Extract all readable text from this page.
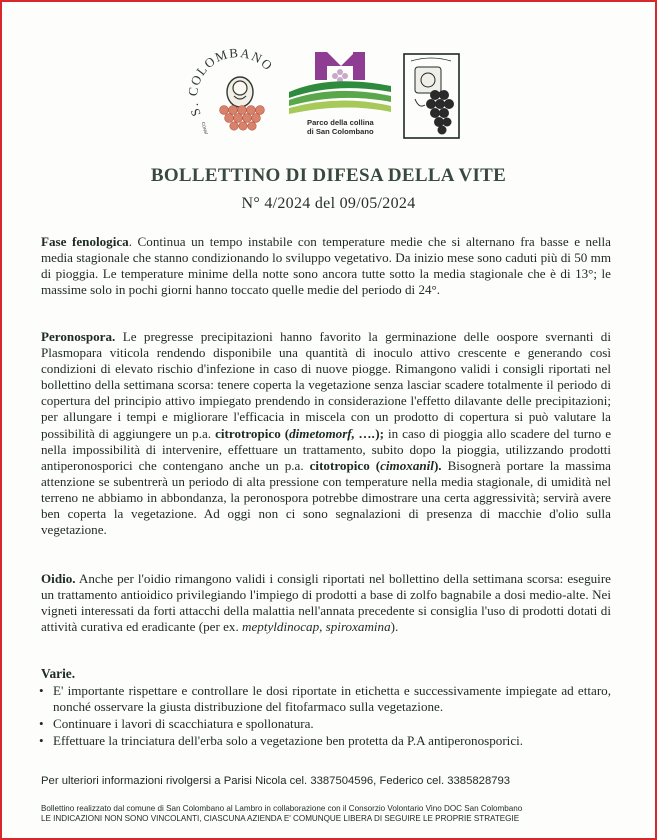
S OLOMBANO
CONS
Parco della collina
di San Colombano
BOLLETTINO DI DIFESA DELLA VITE
N° 4/2024 del 09/05/2024
Fase fenologica. Continua un tempo instabile con temperature medie che si alternano fra basse e nella media stagionale che stanno condizionando lo sviluppo vegetativo. Da inizio mese sono caduti più di 50 mm di pioggia. Le temperature minime della notte sono ancora tutte sotto la media stagionale che è di 13°; le massime solo in pochi giorni hanno toccato quelle medie del periodo di 24°.
Peronospora. Le pregresse precipitazioni hanno favorito la germinazione delle oospore svernanti di Plasmopara viticola rendendo disponibile una quantità di inoculo attivo crescente e generando così condizioni di elevato rischio d'infezione in caso di nuove piogge. Rimangono validi i consigli riportati nel bollettino della settimana scorsa: tenere coperta la vegetazione senza lasciar scadere totalmente il periodo di copertura del principio attivo impiegato prendendo in considerazione l'effetto dilavante delle precipitazioni; per allungare i tempi e migliorare l'efficacia in miscela con un prodotto di copertura si può valutare la possibilità di aggiungere un p.a. citrotropico (dimetomorf, ….); in caso di pioggia allo scadere del turno e nella impossibilità di intervenire, effettuare un trattamento, subito dopo la pioggia, utilizzando prodotti antiperonosporici che contengano anche un p.a. citotropico (cimoxanil). Bisognerà portare la massima attenzione se subentrerà un periodo di alta pressione con temperature nella media stagionale, di umidità nel terreno ne abbiamo in abbondanza, la peronospora potrebbe dimostrare una certa aggressività; servirà avere ben coperta la vegetazione. Ad oggi non ci sono segnalazioni di presenza di macchie d'olio sulla vegetazione.
Oidio. Anche per l'oidio rimangono validi i consigli riportati nel bollettino della settimana scorsa: eseguire un trattamento antioidico privilegiando l'impiego di prodotti a base di zolfo bagnabile a dosi medio-alte. Nei vigneti interessati da forti attacchi della malattia nell'annata precedente si consiglia l'uso di prodotti dotati di attività curativa ed eradicante (per ex. meptyldinocap, spiroxamina).
Varie.
• E' importante rispettare e controllare le dosi riportate in etichetta e successivamente impiegate ad ettaro, nonché osservare la giusta distribuzione del fitofarmaco sulla vegetazione.
• Continuare i lavori di scacchiatura e spollonatura.
• Effettuare la trinciatura dell'erba solo a vegetazione ben protetta da P.A antiperonosporici.
Per ulteriori informazioni rivolgersi a Parisi Nicola cel. 3387504596, Federico cel. 3385828793
Bollettino realizzato dal comune di San Colombano al Lambro in collaborazione con il Consorzio Volontario Vino DOC San Colombano
LE INDICAZIONI NON SONO VINCOLANTI, CIASCUNA AZIENDA E' COMUNQUE LIBERA DI SEGUIRE LE PROPRIE STRATEGIE
